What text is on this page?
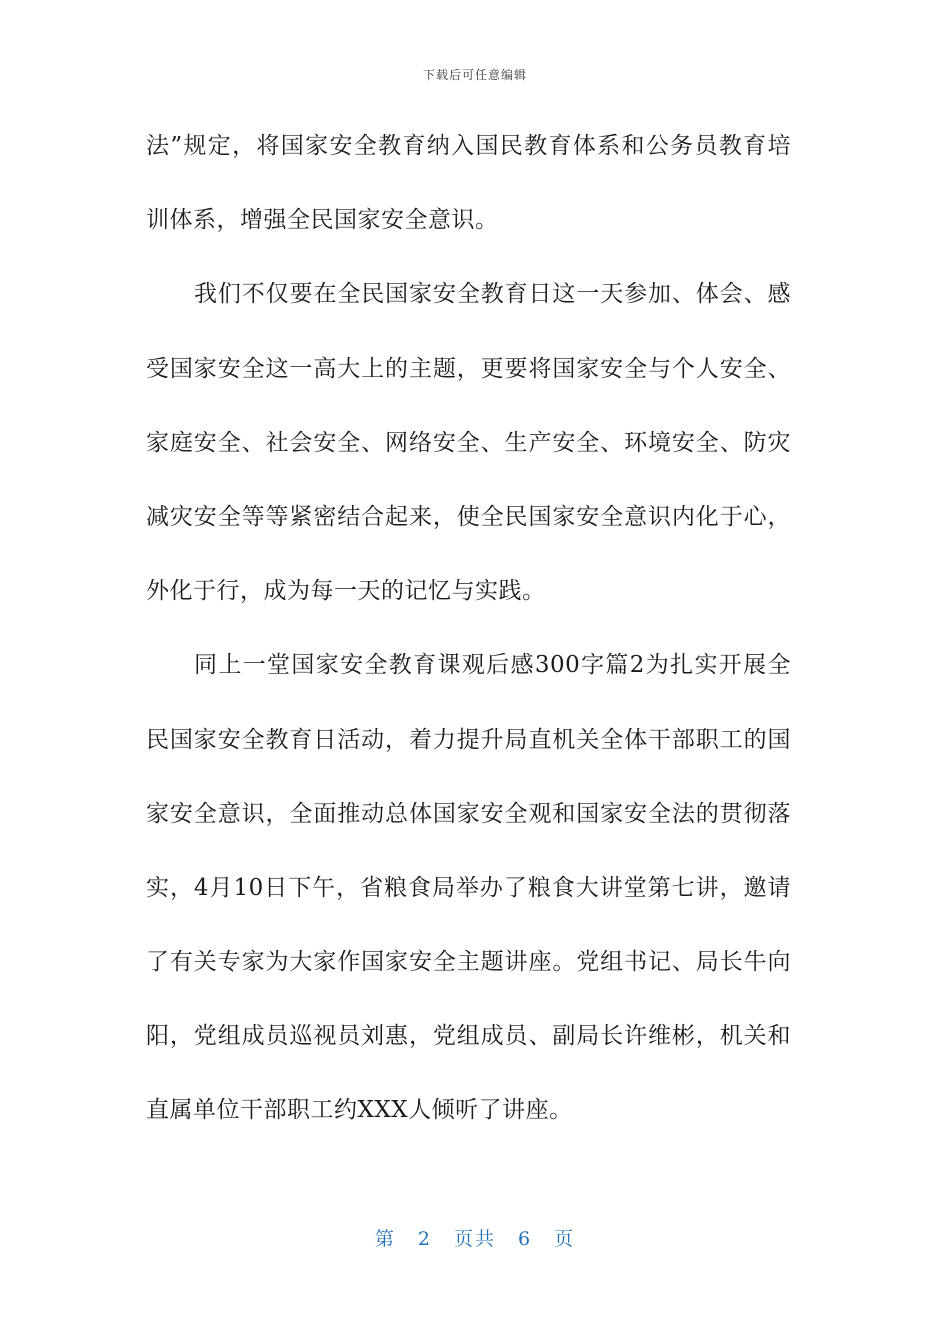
下载后可任意编辑
法”规定，将国家安全教育纳入国民教育体系和公务员教育培
训体系，增强全民国家安全意识。
我们不仅要在全民国家安全教育日这一天参加、体会、感
受国家安全这一高大上的主题，更要将国家安全与个人安全、
家庭安全、社会安全、网络安全、生产安全、环境安全、防灾
减灾安全等等紧密结合起来，使全民国家安全意识内化于心，
外化于行，成为每一天的记忆与实践。
同上一堂国家安全教育课观后感300字篇2为扎实开展全
民国家安全教育日活动，着力提升局直机关全体干部职工的国
家安全意识，全面推动总体国家安全观和国家安全法的贯彻落
实，4月10日下午，省粮食局举办了粮食大讲堂第七讲，邀请
了有关专家为大家作国家安全主题讲座。党组书记、局长牛向
阳，党组成员巡视员刘惠，党组成员、副局长许维彬，机关和
直属单位干部职工约XXX人倾听了讲座。
第 2 页共 6 页
